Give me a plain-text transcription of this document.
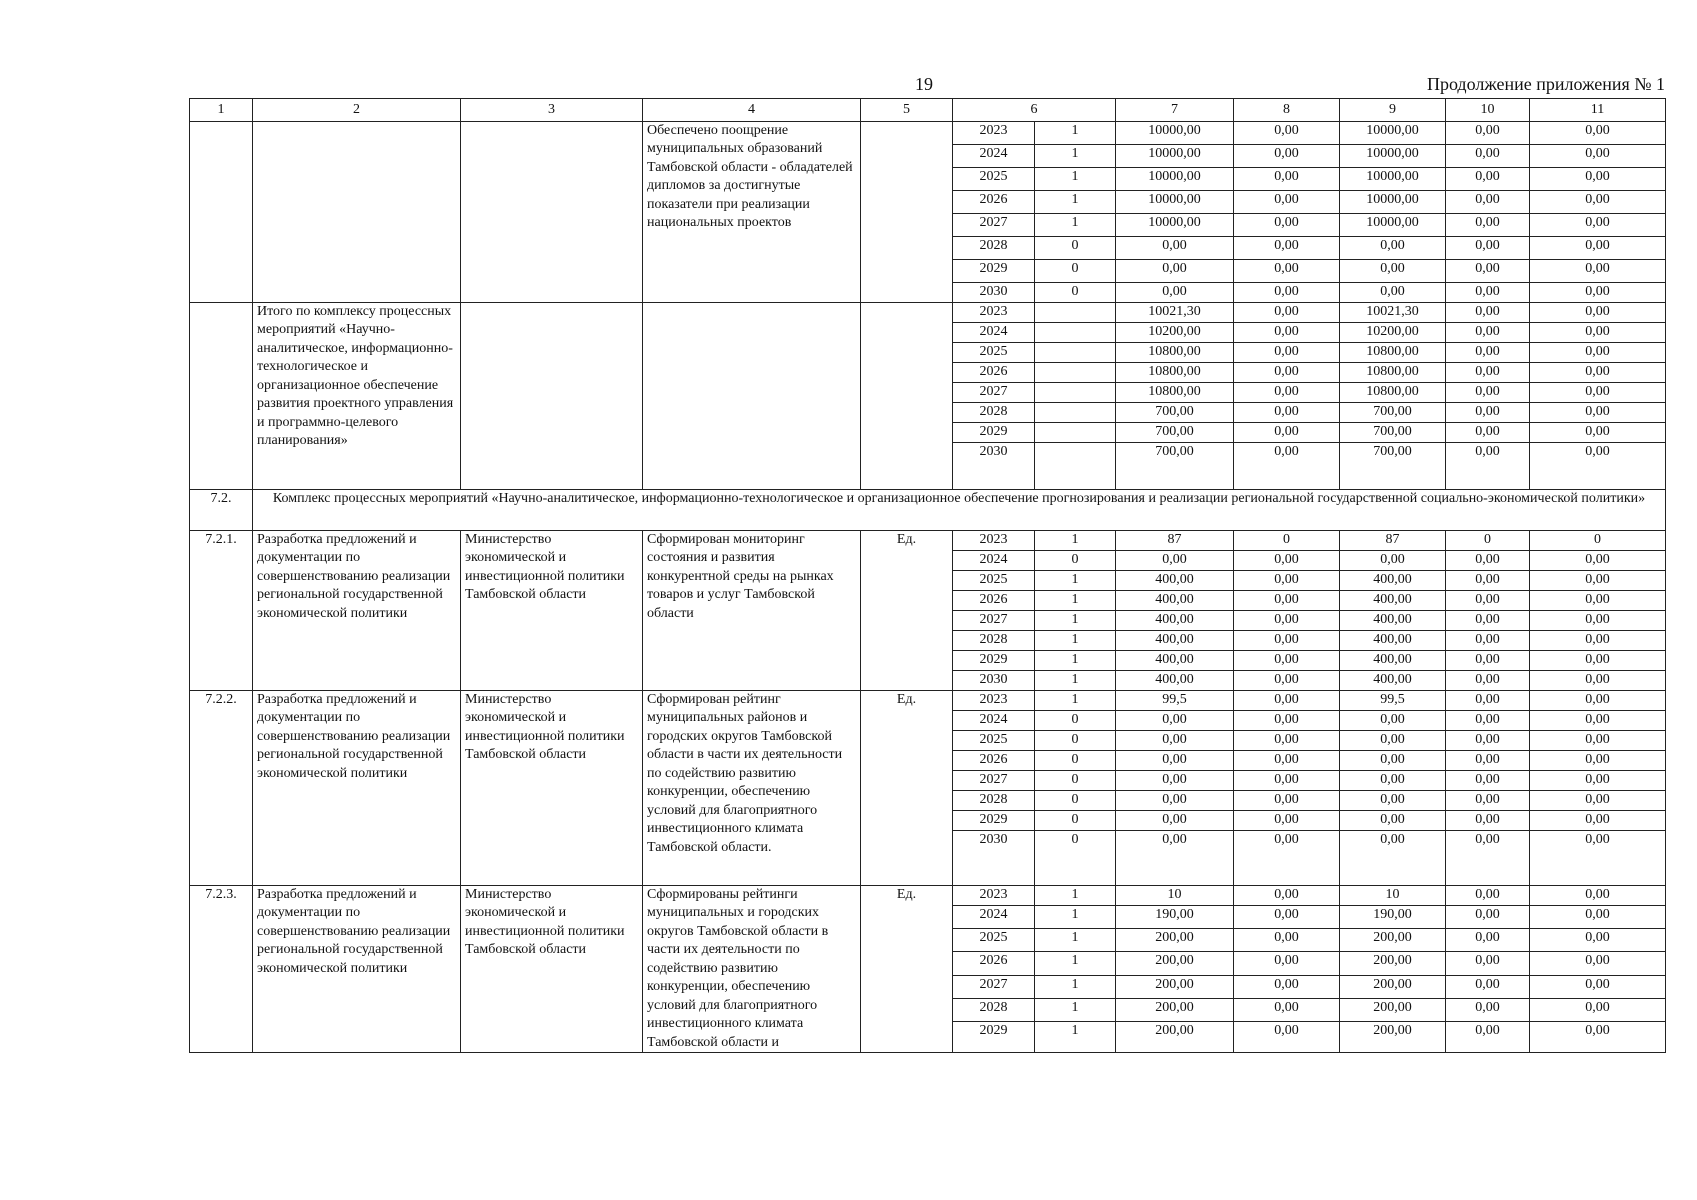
19	Продолжение приложения № 1
1	2	3	4	5	6		7	8	9	10	11
			Обеспечено поощрение муниципальных образований Тамбовской области - обладателей дипломов за достигнутые показатели при реализации национальных проектов		2023	1	10000,00	0,00	10000,00	0,00	0,00
					2024	1	10000,00	0,00	10000,00	0,00	0,00
					2025	1	10000,00	0,00	10000,00	0,00	0,00
					2026	1	10000,00	0,00	10000,00	0,00	0,00
					2027	1	10000,00	0,00	10000,00	0,00	0,00
					2028	0	0,00	0,00	0,00	0,00	0,00
					2029	0	0,00	0,00	0,00	0,00	0,00
					2030	0	0,00	0,00	0,00	0,00	0,00
	Итого по комплексу процессных мероприятий «Научно-аналитическое, информационно-технологическое и организационное обеспечение развития проектного управления и программно-целевого планирования»				2023		10021,30	0,00	10021,30	0,00	0,00
					2024		10200,00	0,00	10200,00	0,00	0,00
					2025		10800,00	0,00	10800,00	0,00	0,00
					2026		10800,00	0,00	10800,00	0,00	0,00
					2027		10800,00	0,00	10800,00	0,00	0,00
					2028		700,00	0,00	700,00	0,00	0,00
					2029		700,00	0,00	700,00	0,00	0,00
					2030		700,00	0,00	700,00	0,00	0,00
7.2.	Комплекс процессных мероприятий «Научно-аналитическое, информационно-технологическое и организационное обеспечение прогнозирования и реализации региональной государственной социально-экономической политики»										
7.2.1.	Разработка предложений и документации по совершенствованию реализации региональной государственной экономической политики	Министерство экономической и инвестиционной политики Тамбовской области	Сформирован мониторинг состояния и развития конкурентной среды на рынках товаров и услуг Тамбовской области	Ед.	2023	1	87	0	87	0	0
					2024	0	0,00	0,00	0,00	0,00	0,00
					2025	1	400,00	0,00	400,00	0,00	0,00
					2026	1	400,00	0,00	400,00	0,00	0,00
					2027	1	400,00	0,00	400,00	0,00	0,00
					2028	1	400,00	0,00	400,00	0,00	0,00
					2029	1	400,00	0,00	400,00	0,00	0,00
					2030	1	400,00	0,00	400,00	0,00	0,00
7.2.2.	Разработка предложений и документации по совершенствованию реализации региональной государственной экономической политики	Министерство экономической и инвестиционной политики Тамбовской области	Сформирован рейтинг муниципальных районов и городских округов Тамбовской области в части их деятельности по содействию развитию конкуренции, обеспечению условий для благоприятного инвестиционного климата Тамбовской области.	Ед.	2023	1	99,5	0,00	99,5	0,00	0,00
					2024	0	0,00	0,00	0,00	0,00	0,00
					2025	0	0,00	0,00	0,00	0,00	0,00
					2026	0	0,00	0,00	0,00	0,00	0,00
					2027	0	0,00	0,00	0,00	0,00	0,00
					2028	0	0,00	0,00	0,00	0,00	0,00
					2029	0	0,00	0,00	0,00	0,00	0,00
					2030	0	0,00	0,00	0,00	0,00	0,00
7.2.3.	Разработка предложений и документации по совершенствованию реализации региональной государственной экономической политики	Министерство экономической и инвестиционной политики Тамбовской области	Сформированы рейтинги муниципальных и городских округов Тамбовской области в части их деятельности по содействию развитию конкуренции, обеспечению условий для благоприятного инвестиционного климата Тамбовской области и	Ед.	2023	1	10	0,00	10	0,00	0,00
					2024	1	190,00	0,00	190,00	0,00	0,00
					2025	1	200,00	0,00	200,00	0,00	0,00
					2026	1	200,00	0,00	200,00	0,00	0,00
					2027	1	200,00	0,00	200,00	0,00	0,00
					2028	1	200,00	0,00	200,00	0,00	0,00
					2029	1	200,00	0,00	200,00	0,00	0,00
